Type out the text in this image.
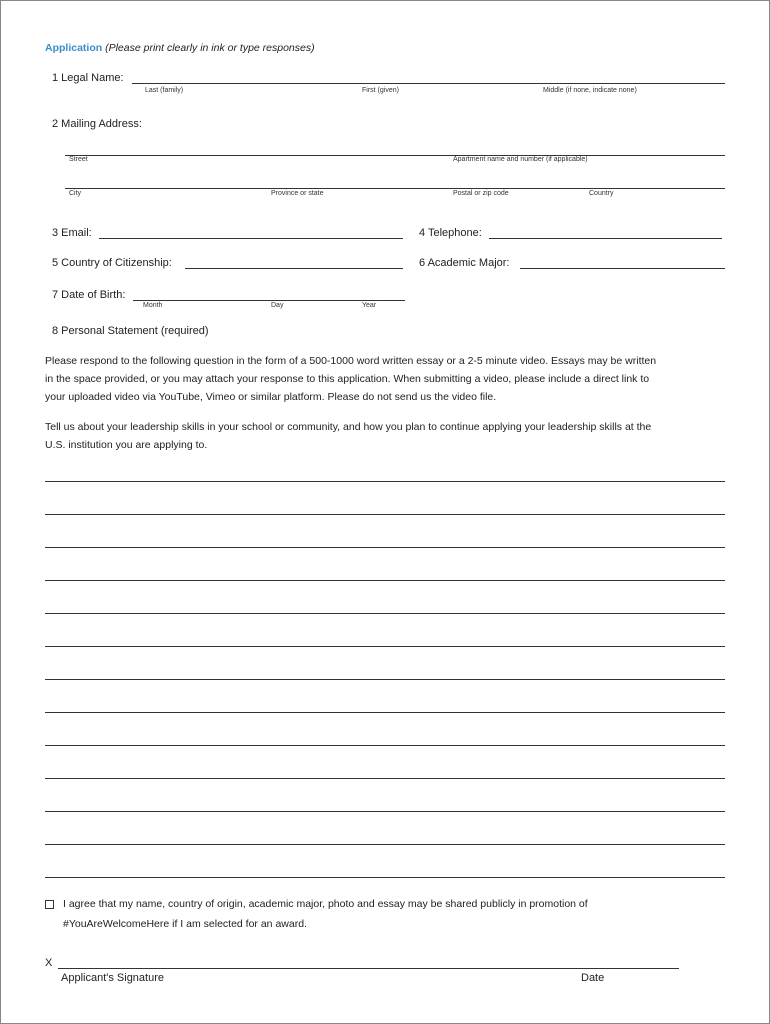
Application (Please print clearly in ink or type responses)
1 Legal Name:
Last (family)	First (given)	Middle (if none, indicate none)
2 Mailing Address:
Street	Apartment name and number (if applicable)
City	Province or state	Postal or zip code	Country
3 Email:	4 Telephone:
5 Country of Citizenship:	6 Academic Major:
7 Date of Birth:
Month	Day	Year
8 Personal Statement (required)
Please respond to the following question in the form of a 500-1000 word written essay or a 2-5 minute video. Essays may be written
in the space provided, or you may attach your response to this application. When submitting a video, please include a direct link to
your uploaded video via YouTube, Vimeo or similar platform. Please do not send us the video file.
Tell us about your leadership skills in your school or community, and how you plan to continue applying your leadership skills at the
U.S. institution you are applying to.
I agree that my name, country of origin, academic major, photo and essay may be shared publicly in promotion of
#YouAreWelcomeHere if I am selected for an award.
X
Applicant's Signature	Date
